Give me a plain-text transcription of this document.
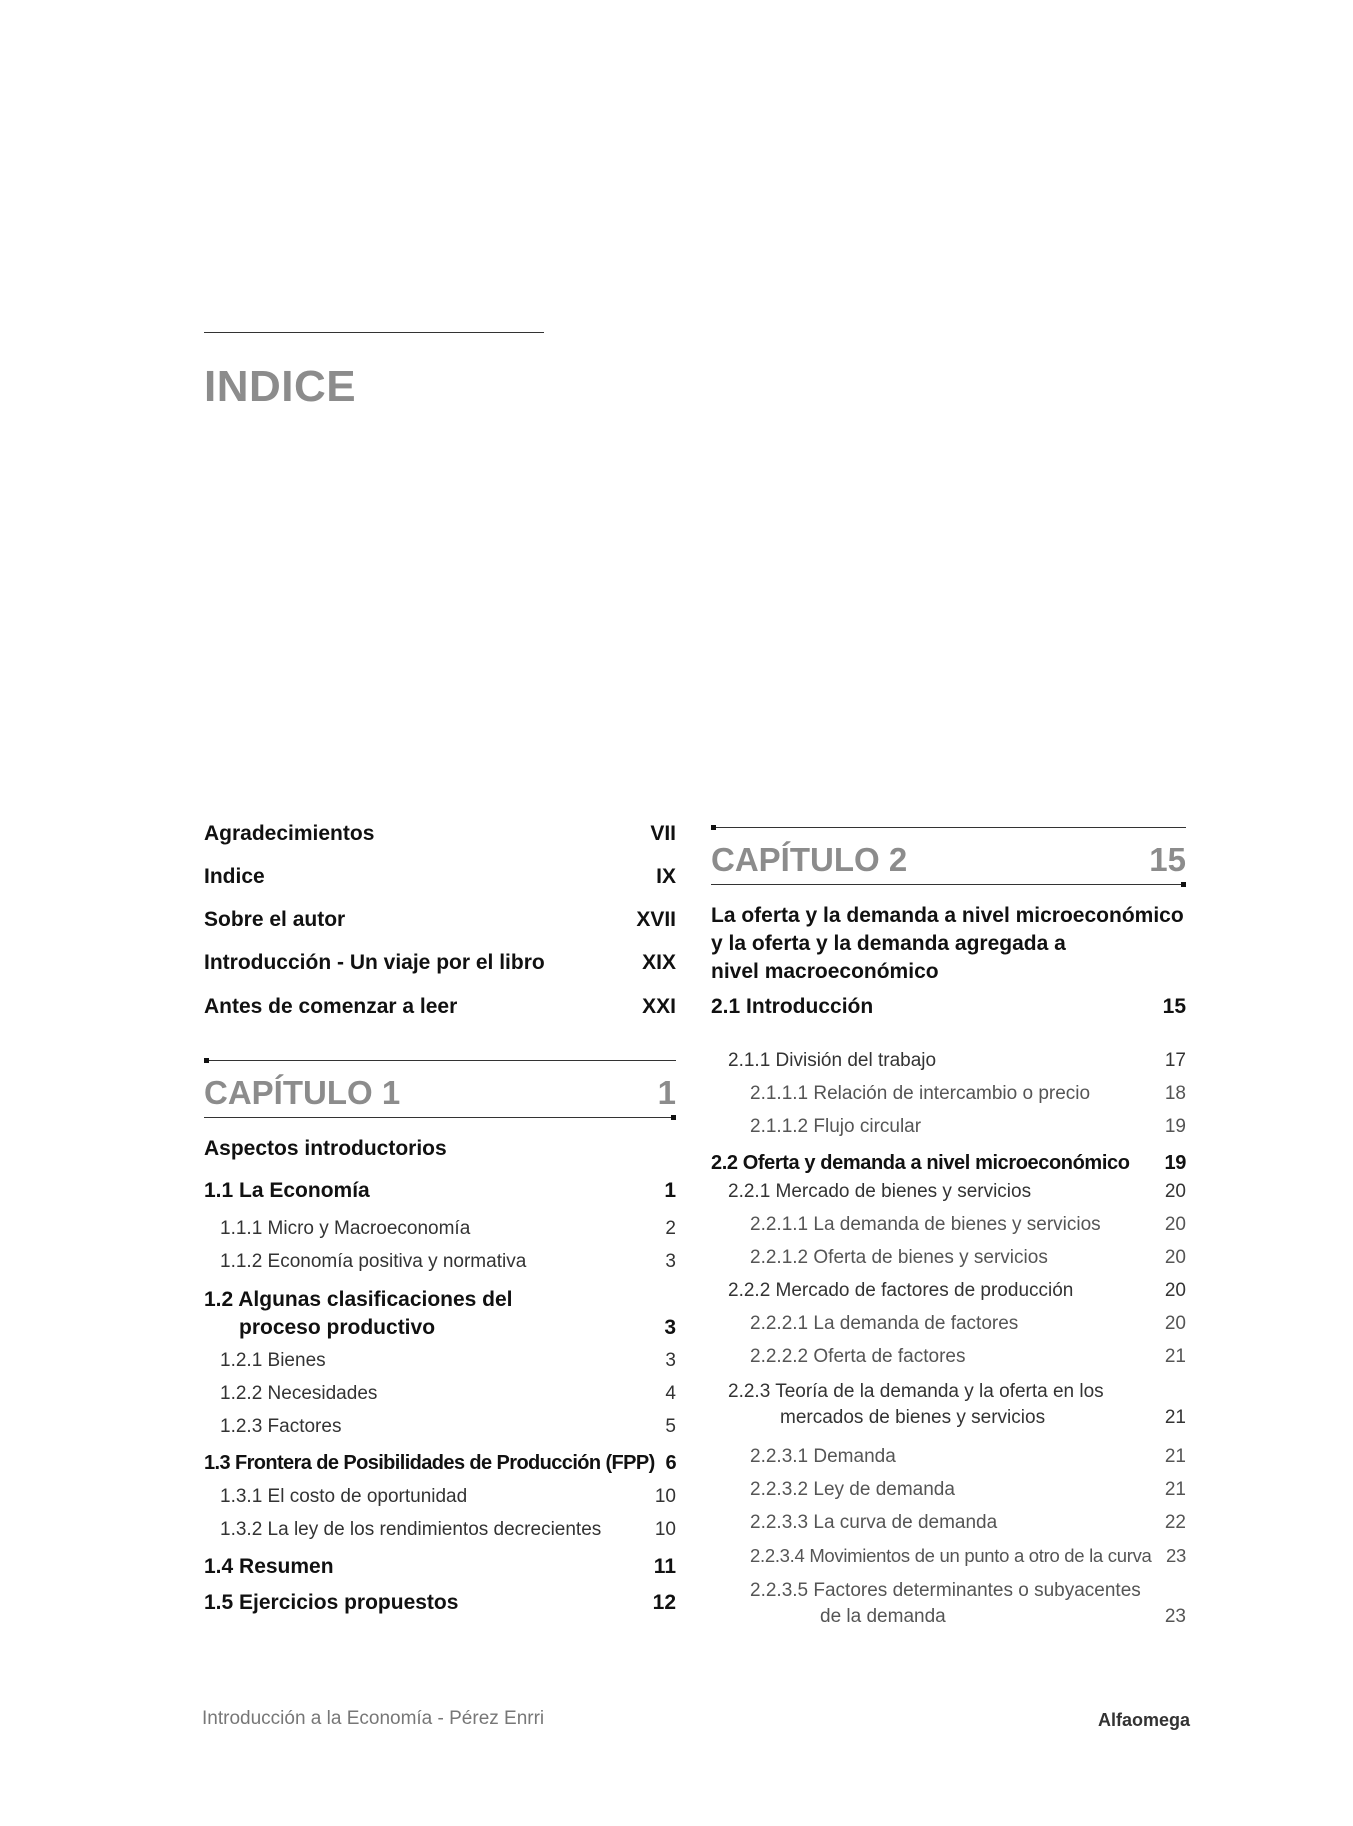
INDICE
Agradecimientos	VII
Indice	IX
Sobre el autor	XVII
Introducción - Un viaje por el libro	XIX
Antes de comenzar a leer	XXI
CAPÍTULO 1	1
Aspectos introductorios
1.1 La Economía	1
1.1.1 Micro y Macroeconomía	2
1.1.2 Economía positiva y normativa	3
1.2 Algunas clasificaciones del
proceso productivo	3
1.2.1 Bienes	3
1.2.2 Necesidades	4
1.2.3 Factores	5
1.3 Frontera de Posibilidades de Producción (FPP) 6
1.3.1 El costo de oportunidad	10
1.3.2 La ley de los rendimientos decrecientes	10
1.4 Resumen	11
1.5 Ejercicios propuestos	12
CAPÍTULO 2	15
La oferta y la demanda a nivel microeconómico
y la oferta y la demanda agregada a
nivel macroeconómico
2.1 Introducción	15
2.1.1 División del trabajo	17
2.1.1.1 Relación de intercambio o precio	18
2.1.1.2 Flujo circular	19
2.2 Oferta y demanda a nivel microeconómico 19
2.2.1 Mercado de bienes y servicios	20
2.2.1.1 La demanda de bienes y servicios	20
2.2.1.2 Oferta de bienes y servicios	20
2.2.2 Mercado de factores de producción	20
2.2.2.1 La demanda de factores	20
2.2.2.2 Oferta de factores	21
2.2.3 Teoría de la demanda y la oferta en los
mercados de bienes y servicios	21
2.2.3.1 Demanda	21
2.2.3.2 Ley de demanda	21
2.2.3.3 La curva de demanda	22
2.2.3.4 Movimientos de un punto a otro de la curva 23
2.2.3.5 Factores determinantes o subyacentes
de la demanda	23
Introducción a la Economía - Pérez Enrri	Alfaomega
